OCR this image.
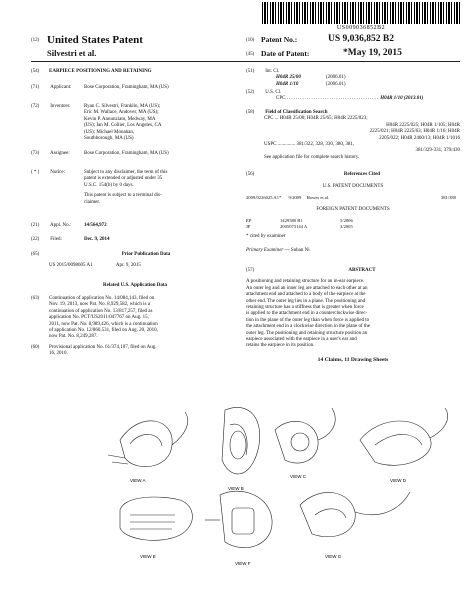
US009036852B2
(12) United States Patent
Silvestri et al.
(10) Patent No.:	US 9,036,852 B2
(45) Date of Patent:	*May 19, 2015
(54) EARPIECE POSITIONING AND RETAINING
(71) Applicant:	Bose Corporation, Framingham, MA (US)
(72) Inventors:	Ryan C. Silvestri, Franklin, MA (US);
Eric M. Wallace, Andover, MA (US);
Kevin P. Annunziato, Medway, MA
(US); Ian M. Collier, Los Angeles, CA
(US); Michael Monahan,
Southborough, MA (US)
(73) Assignee:	Bose Corporation, Framingham, MA (US)
( * ) Notice:	Subject to any disclaimer, the term of this
patent is extended or adjusted under 35
U.S.C. 154(b) by 0 days.
This patent is subject to a terminal dis-
claimer.
(21) Appl. No.:	14/564,972
(22) Filed:	Dec. 9, 2014
(65)	Prior Publication Data
US 2015/0098605 A1	Apr. 9, 2015
Related U.S. Application Data
(63) Continuation of application No. 14/084,143, filed on
Nov. 19, 2013, now Pat. No. 8,929,582, which is a
continuation of application No. 13/817,257, filed as
application No. PCT/US2011/047767 on Aug. 15,
2011, now Pat. No. 8,989,426, which is a continuation
of application No. 12/860,531, filed on Aug. 20, 2010,
now Pat. No. 8,249,287.
(60) Provisional application No. 61/374,107, filed on Aug.
16, 2010.
(51) Int. Cl.
H04R 25/00	(2006.01)
H04R 1/10	(2006.01)
(52) U.S. Cl.
CPC ......................................... H04R 1/10 (2013.01)
(58) Field of Classification Search
CPC ... H04R 25/00; H04R 25/65; H04R 2225/023;
H04R 2225/025; H04R 1/105; H04R
2225/021; H04R 2225/63; H04R 1/16; H04R
2205/022; H04R 2460/13; H04R 1/1016
USPC .............. 381/322, 328, 330, 380, 381,
381/329-331, 379/430
See application file for complete search history.
(56)	References Cited
U.S. PATENT DOCUMENTS
2009/0226025 A1* 9/2009 Howes et al.	381/380
FOREIGN PATENT DOCUMENTS
EP	1429580 B1	5/2006
JP	2005073144 A	3/2005
* cited by examiner
Primary Examiner — Suhan Ni
(57)	ABSTRACT
A positioning and retaining structure for an in-ear earpiece.
An outer leg and an inner leg are attached to each other at an
attachment end and attached to a body of the earpiece at the
other end. The outer leg lies in a plane. The positioning and
retaining structure has a stiffness that is greater when force
is applied to the attachment end in a counterclockwise direc-
tion in the plane of the outer leg than when force is applied to
the attachment end in a clockwise direction in the plane of the
outer leg. The positioning and retaining structure position an
earpiece associated with the earpiece in a user's ear and
retains the earpiece in its position.
14 Claims, 11 Drawing Sheets
VIEW A
VIEW B
VIEW C
VIEW D
VIEW E
VIEW F
VIEW G
